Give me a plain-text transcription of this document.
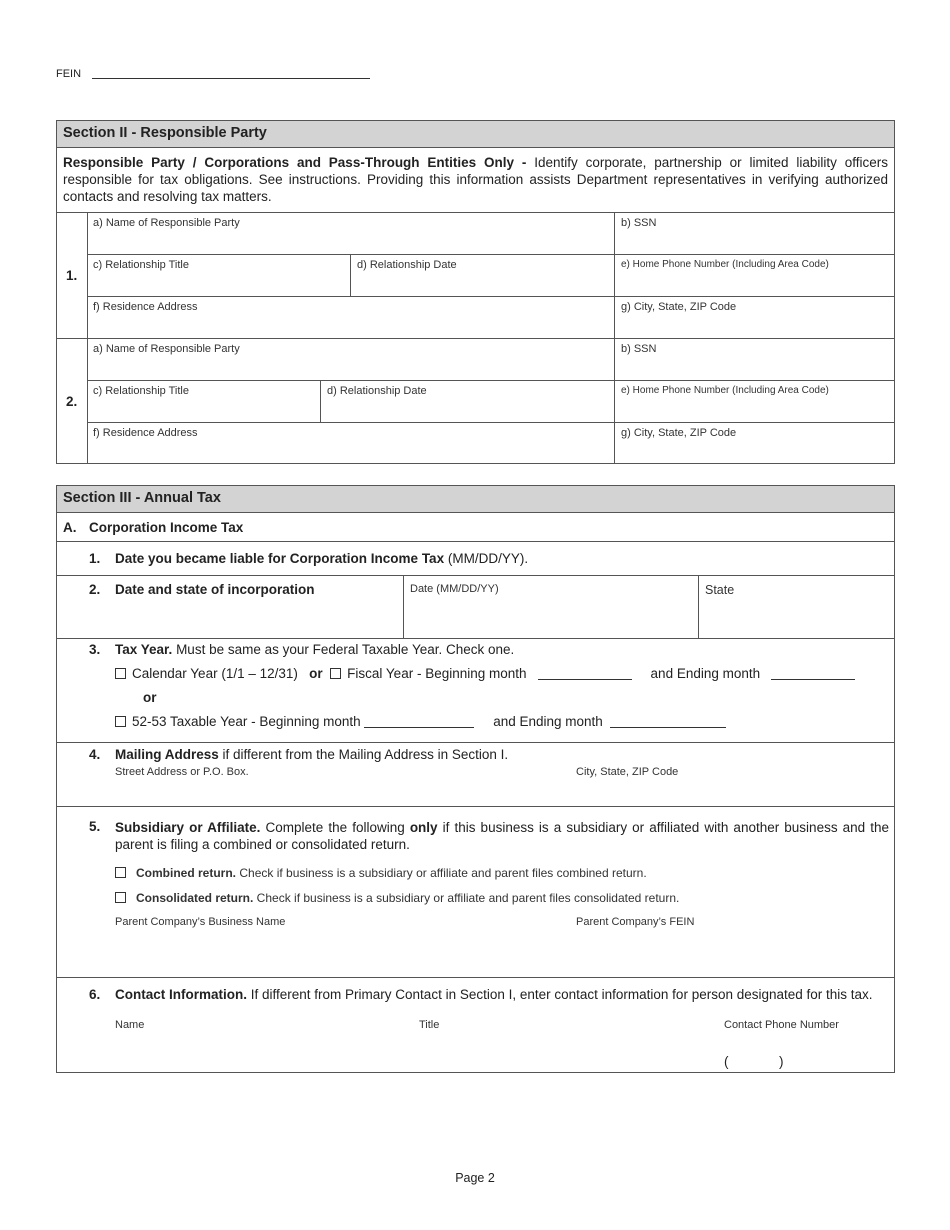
FEIN
Section II - Responsible Party
Responsible Party / Corporations and Pass-Through Entities Only - Identify corporate, partnership or limited liability officers responsible for tax obligations. See instructions. Providing this information assists Department representatives in verifying authorized contacts and resolving tax matters.
1.
a) Name of Responsible Party	b) SSN
c) Relationship Title	d) Relationship Date	e) Home Phone Number (Including Area Code)
f) Residence Address	g) City, State, ZIP Code
2.
a) Name of Responsible Party	b) SSN
c) Relationship Title	d) Relationship Date	e) Home Phone Number (Including Area Code)
f) Residence Address	g) City, State, ZIP Code
Section III - Annual Tax
A. Corporation Income Tax
1. Date you became liable for Corporation Income Tax (MM/DD/YY).
2. Date and state of incorporation	Date (MM/DD/YY)	State
3. Tax Year. Must be same as your Federal Taxable Year. Check one.
Calendar Year (1/1 – 12/31) or Fiscal Year - Beginning month	and Ending month
or
52-53 Taxable Year - Beginning month	and Ending month
4. Mailing Address if different from the Mailing Address in Section I.
Street Address or P.O. Box.	City, State, ZIP Code
5. Subsidiary or Affiliate. Complete the following only if this business is a subsidiary or affiliated with another business and the parent is filing a combined or consolidated return.
Combined return. Check if business is a subsidiary or affiliate and parent files combined return.
Consolidated return. Check if business is a subsidiary or affiliate and parent files consolidated return.
Parent Company’s Business Name	Parent Company’s FEIN
6. Contact Information. If different from Primary Contact in Section I, enter contact information for person designated for this tax.
Name	Title	Contact Phone Number
(	)
Page 2
